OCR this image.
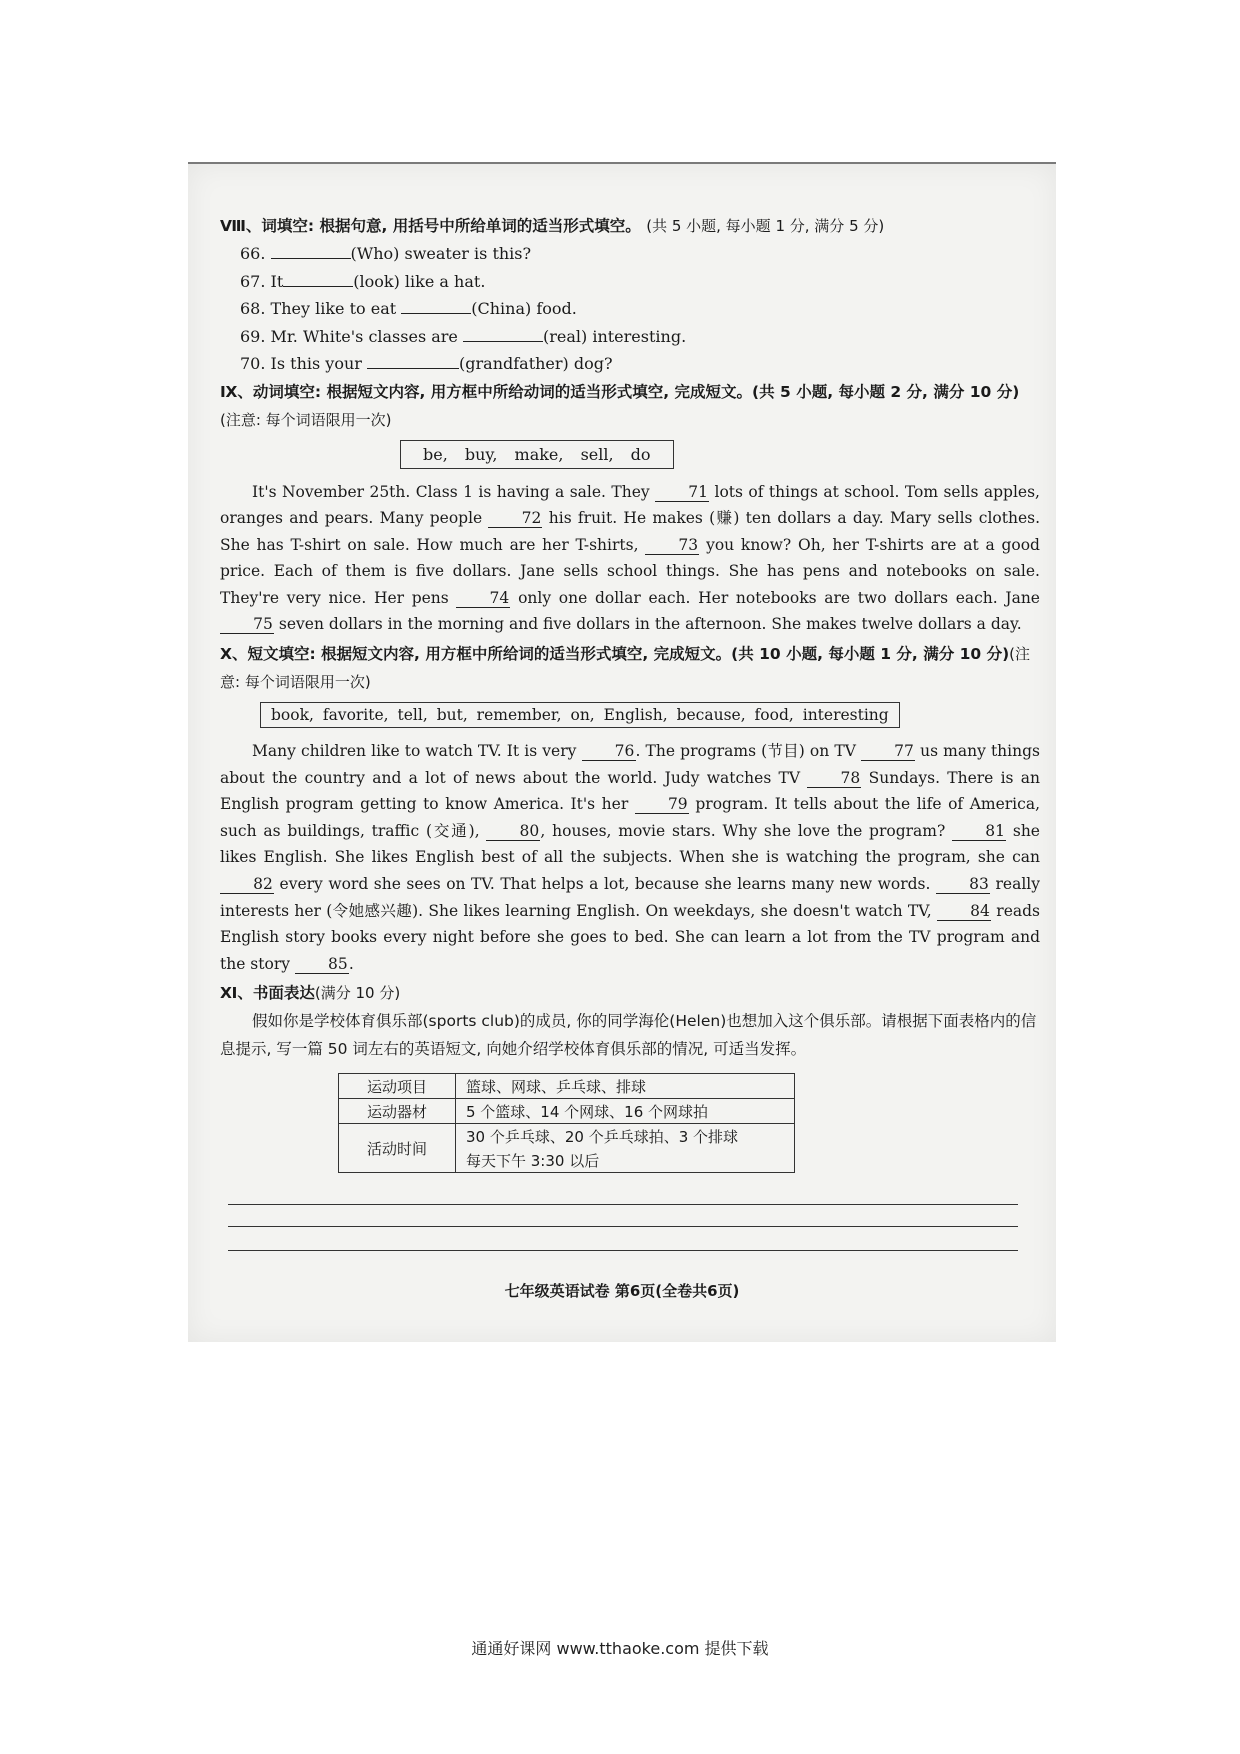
Ⅷ、词填空: 根据句意, 用括号中所给单词的适当形式填空。 (共 5 小题, 每小题 1 分, 满分 5 分)
66.	(Who) sweater is this?
67. It	(look) like a hat.
68. They like to eat	(China) food.
69. Mr. White's classes are	(real) interesting.
70. Is this your	(grandfather) dog?
Ⅸ、动词填空: 根据短文内容, 用方框中所给动词的适当形式填空, 完成短文。(共 5 小题, 每小题 2 分, 满分 10 分)(注意: 每个词语限用一次)
be, buy, make, sell, do

It's November 25th. Class 1 is having a sale. They 71 lots of things at school. Tom sells apples, oranges and pears. Many people 72 his fruit. He makes (赚) ten dollars a day. Mary sells clothes. She has T-shirt on sale. How much are her T-shirts, 73 you know? Oh, her T-shirts are at a good price. Each of them is five dollars. Jane sells school things. She has pens and notebooks on sale. They're very nice. Her pens 74 only one dollar each. Her notebooks are two dollars each. Jane 75 seven dollars in the morning and five dollars in the afternoon. She makes twelve dollars a day.

Ⅹ、短文填空: 根据短文内容, 用方框中所给词的适当形式填空, 完成短文。(共 10 小题, 每小题 1 分, 满分 10 分)(注意: 每个词语限用一次)
book, favorite, tell, but, remember, on, English, because, food, interesting

Many children like to watch TV. It is very 76. The programs (节目) on TV 77 us many things about the country and a lot of news about the world. Judy watches TV 78 Sundays. There is an English program getting to know America. It's her 79 program. It tells about the life of America, such as buildings, traffic (交通), 80, houses, movie stars. Why she love the program? 81 she likes English. She likes English best of all the subjects. When she is watching the program, she can 82 every word she sees on TV. That helps a lot, because she learns many new words. 83 really interests her (令她感兴趣). She likes learning English. On weekdays, she doesn't watch TV, 84 reads English story books every night before she goes to bed. She can learn a lot from the TV program and the story 85.

Ⅺ、书面表达(满分 10 分)

假如你是学校体育俱乐部(sports club)的成员, 你的同学海伦(Helen)也想加入这个俱乐部。请根据下面表格内的信息提示, 写一篇 50 词左右的英语短文, 向她介绍学校体育俱乐部的情况, 可适当发挥。

运动项目	篮球、网球、乒乓球、排球
运动器材	5 个篮球、14 个网球、16 个网球拍
活动时间	30 个乒乓球、20 个乒乓球拍、3 个排球
	每天下午 3:30 以后
七年级英语试卷 第6页(全卷共6页)
通通好课网 www.tthaoke.com 提供下载
